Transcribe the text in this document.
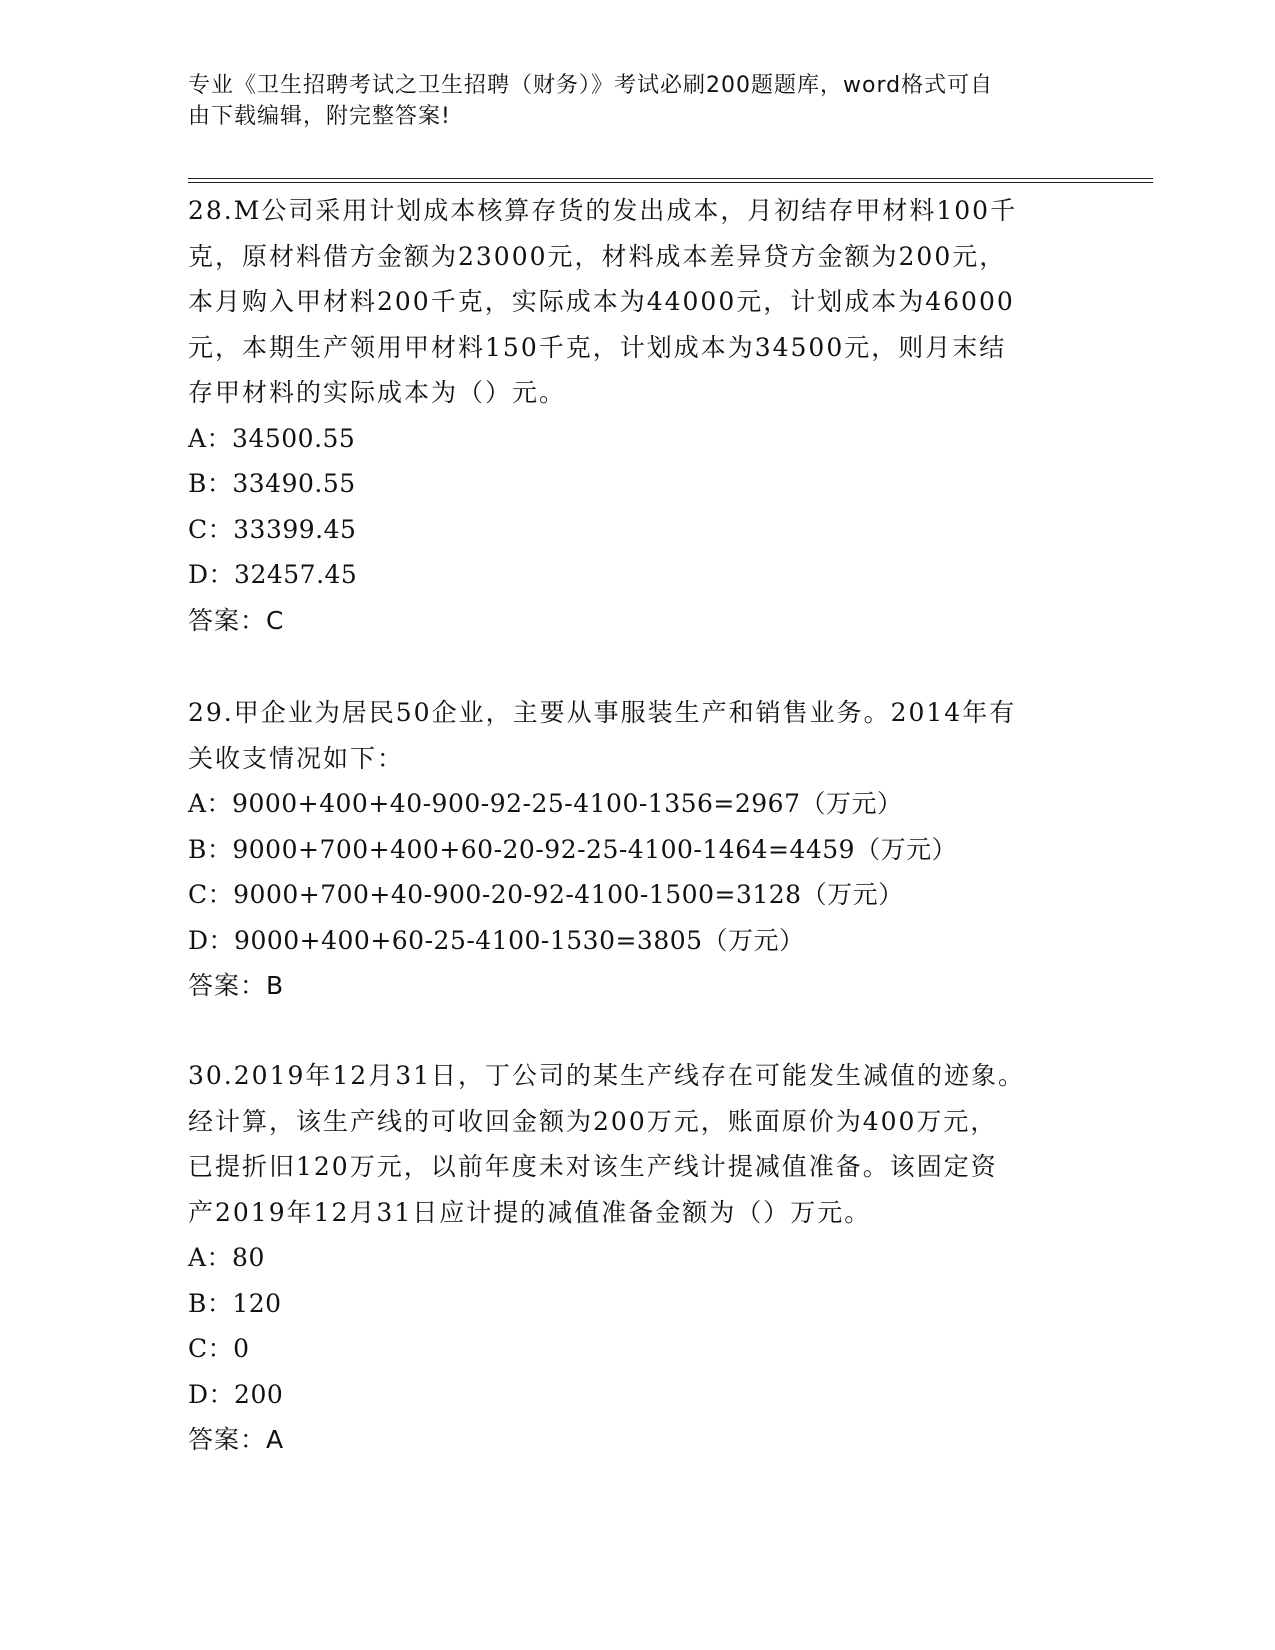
专业《卫生招聘考试之卫生招聘（财务）》考试必刷200题题库，word格式可自
由下载编辑，附完整答案!
28.M公司采用计划成本核算存货的发出成本，月初结存甲材料100千
克，原材料借方金额为23000元，材料成本差异贷方金额为200元，
本月购入甲材料200千克，实际成本为44000元，计划成本为46000
元，本期生产领用甲材料150千克，计划成本为34500元，则月末结
存甲材料的实际成本为（）元。
A：34500.55
B：33490.55
C：33399.45
D：32457.45
答案：C
29.甲企业为居民50企业，主要从事服装生产和销售业务。2014年有
关收支情况如下：
A：9000+400+40-900-92-25-4100-1356=2967（万元）
B：9000+700+400+60-20-92-25-4100-1464=4459（万元）
C：9000+700+40-900-20-92-4100-1500=3128（万元）
D：9000+400+60-25-4100-1530=3805（万元）
答案：B
30.2019年12月31日，丁公司的某生产线存在可能发生减值的迹象。
经计算，该生产线的可收回金额为200万元，账面原价为400万元，
已提折旧120万元，以前年度未对该生产线计提减值准备。该固定资
产2019年12月31日应计提的减值准备金额为（）万元。
A：80
B：120
C：0
D：200
答案：A
